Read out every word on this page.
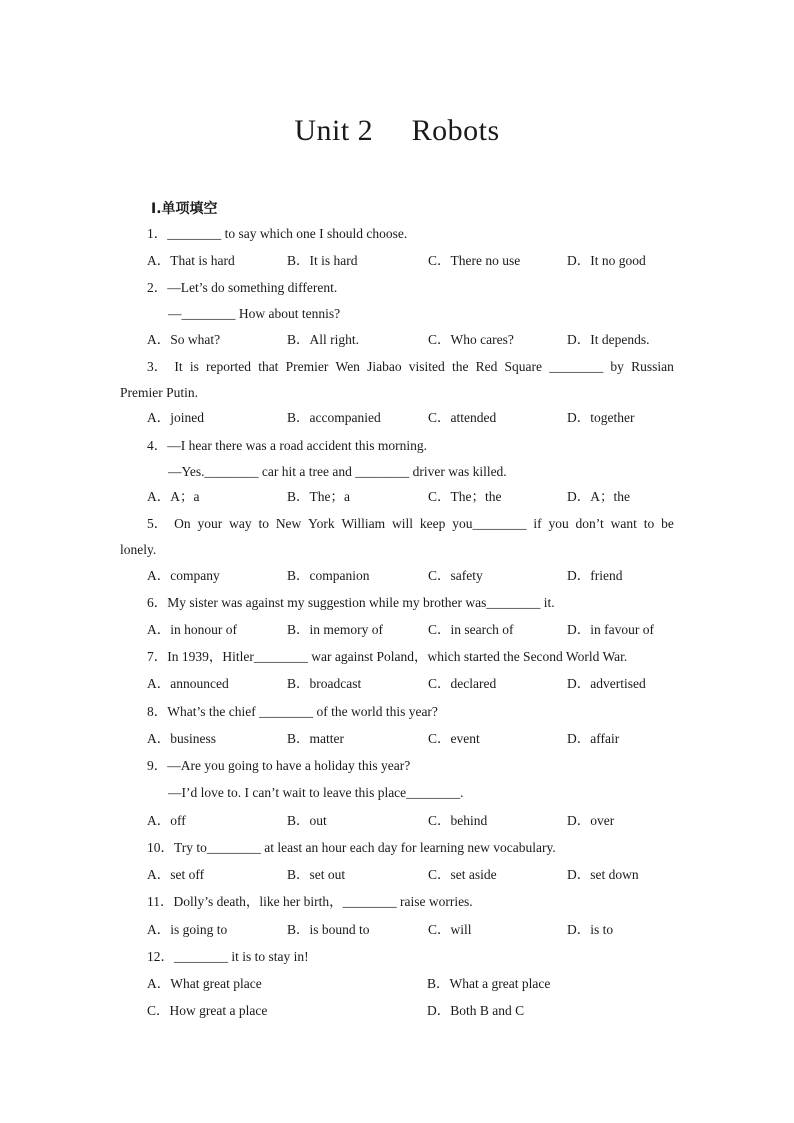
Unit 2  Robots
Ⅰ.单项填空
1．________ to say which one I should choose.
A．That is hard	B．It is hard	C．There no use	D．It no good
2．—Let’s do something different.
—________ How about tennis?
A．So what?	B．All right.	C．Who cares?	D．It depends.
3． It is reported that Premier Wen Jiabao visited the Red Square ________ by Russian
Premier Putin.
A．joined	B．accompanied	C．attended	D．together
4．—I hear there was a road accident this morning.
—Yes.________ car hit a tree and ________ driver was killed.
A．A；a	B．The；a	C．The；the	D．A；the
5． On your way to New York William will keep you________ if you don’t want to be
lonely.
A．company	B．companion	C．safety	D．friend
6．My sister was against my suggestion while my brother was________ it.
A．in honour of	B．in memory of	C．in search of	D．in favour of
7．In 1939，Hitler________ war against Poland，which started the Second World War.
A．announced	B．broadcast	C．declared	D．advertised
8．What’s the chief ________ of the world this year?
A．business	B．matter	C．event	D．affair
9．—Are you going to have a holiday this year?
—I’d love to. I can’t wait to leave this place________.
A．off	B．out	C．behind	D．over
10．Try to________ at least an hour each day for learning new vocabulary.
A．set off	B．set out	C．set aside	D．set down
11．Dolly’s death，like her birth，________ raise worries.
A．is going to	B．is bound to	C．will	D．is to
12．________ it is to stay in!
A．What great place	B．What a great place
C．How great a place	D．Both B and C
